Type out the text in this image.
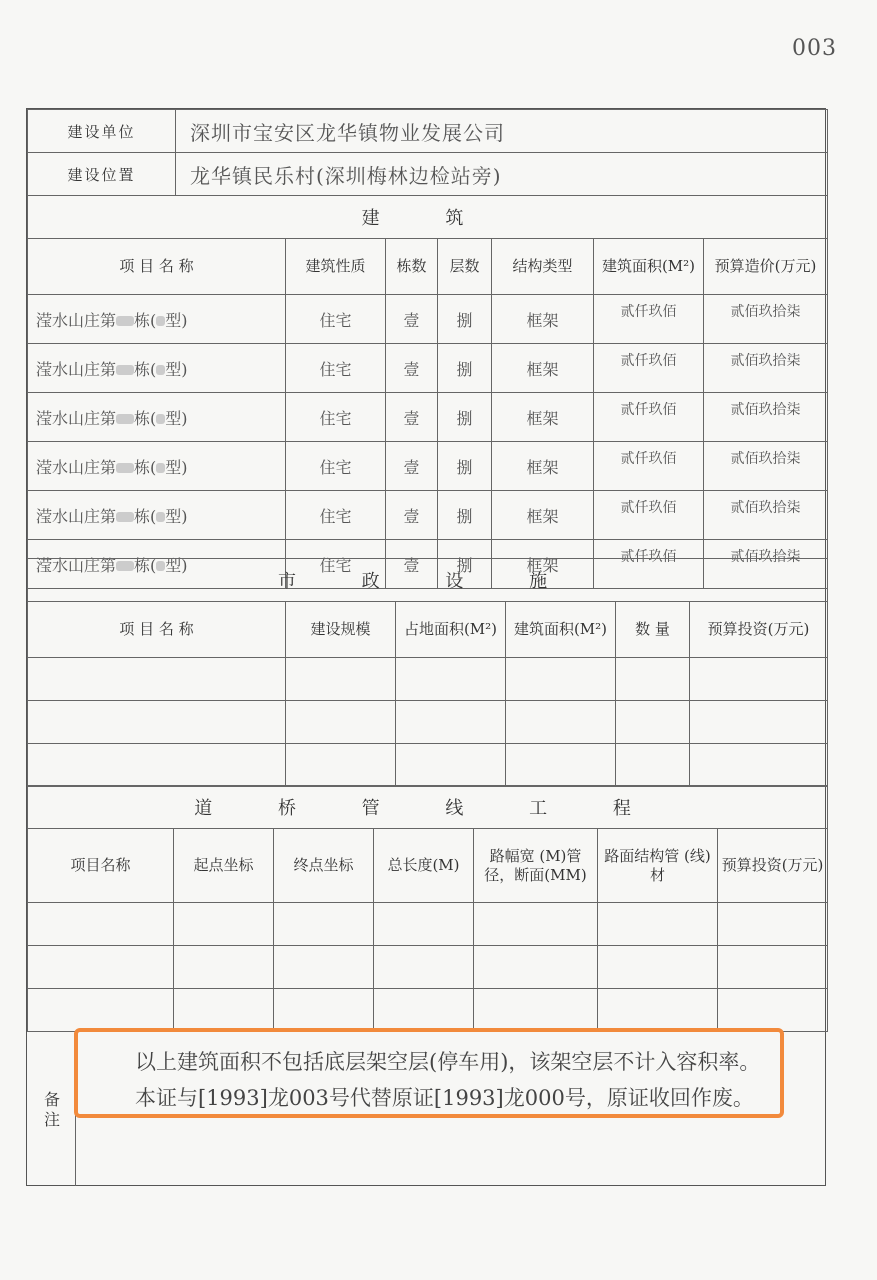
003
建设单位	深圳市宝安区龙华镇物业发展公司
建设位置	龙华镇民乐村(深圳梅林边检站旁)
建 筑						
项 目 名 称	建筑性质	栋数	层数	结构类型	建筑面积(M²)	预算造价(万元)
滢水山庄第 栋( 型)	住宅	壹	捌	框架	贰仟玖佰	贰佰玖拾柒
滢水山庄第 栋( 型)	住宅	壹	捌	框架	贰仟玖佰	贰佰玖拾柒
滢水山庄第 栋( 型)	住宅	壹	捌	框架	贰仟玖佰	贰佰玖拾柒
滢水山庄第 栋( 型)	住宅	壹	捌	框架	贰仟玖佰	贰佰玖拾柒
滢水山庄第 栋( 型)	住宅	壹	捌	框架	贰仟玖佰	贰佰玖拾柒
滢水山庄第 栋( 型)	住宅	壹	捌	框架	贰仟玖佰	贰佰玖拾柒
市 政 设 施					
项 目 名 称	建设规模	占地面积(M²)	建筑面积(M²)	数 量	预算投资(万元)

道 桥 管 线 工 程						
项目名称	起点坐标	终点坐标	总长度(M)	路幅宽 (M)管径，断面(MM)	路面结构管 (线) 材	预算投资(万元)

备注

以上建筑面积不包括底层架空层(停车用)，该架空层不计入容积率。

本证与[1993]龙003号代替原证[1993]龙000号，原证收回作废。
